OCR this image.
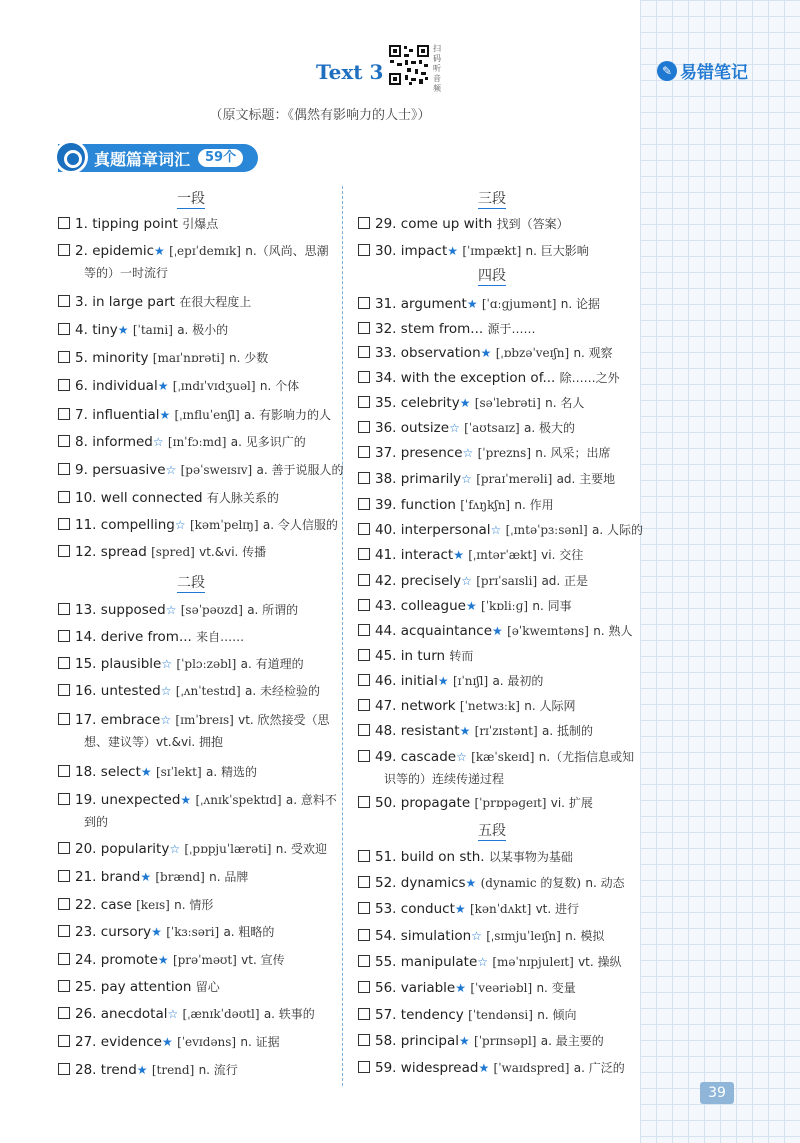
✎ 易错笔记
Text 3
扫码听音频
（原文标题：《偶然有影响力的人士》）
真题篇章词汇	59个
一段
二段
三段
四段
五段
1. tipping point 引爆点
2. epidemic★ [ˌepɪˈdemɪk] n.（风尚、思潮
等的）一时流行
3. in large part 在很大程度上
4. tiny★ [ˈtaɪni] a. 极小的
5. minority [maɪˈnɒrəti] n. 少数
6. individual★ [ˌɪndɪˈvɪdʒuəl] n. 个体
7. influential★ [ˌɪnfluˈenʃl] a. 有影响力的人
8. informed☆ [ɪnˈfɔːmd] a. 见多识广的
9. persuasive☆ [pəˈsweɪsɪv] a. 善于说服人的
10. well connected 有人脉关系的
11. compelling☆ [kəmˈpelɪŋ] a. 令人信服的
12. spread [spred] vt.&vi. 传播
13. supposed☆ [səˈpəʊzd] a. 所谓的
14. derive from... 来自……
15. plausible☆ [ˈplɔːzəbl] a. 有道理的
16. untested☆ [ˌʌnˈtestɪd] a. 未经检验的
17. embrace☆ [ɪmˈbreɪs] vt. 欣然接受（思
想、建议等）vt.&vi. 拥抱
18. select★ [sɪˈlekt] a. 精选的
19. unexpected★ [ˌʌnɪkˈspektɪd] a. 意料不
到的
20. popularity☆ [ˌpɒpjuˈlærəti] n. 受欢迎
21. brand★ [brænd] n. 品牌
22. case [keɪs] n. 情形
23. cursory★ [ˈkɜːsəri] a. 粗略的
24. promote★ [prəˈməʊt] vt. 宣传
25. pay attention 留心
26. anecdotal☆ [ˌænɪkˈdəʊtl] a. 轶事的
27. evidence★ [ˈevɪdəns] n. 证据
28. trend★ [trend] n. 流行
29. come up with 找到（答案）
30. impact★ [ˈɪmpækt] n. 巨大影响
31. argument★ [ˈɑːɡjumənt] n. 论据
32. stem from... 源于……
33. observation★ [ˌɒbzəˈveɪʃn] n. 观察
34. with the exception of... 除……之外
35. celebrity★ [səˈlebrəti] n. 名人
36. outsize☆ [ˈaʊtsaɪz] a. 极大的
37. presence☆ [ˈprezns] n. 风采；出席
38. primarily☆ [praɪˈmerəli] ad. 主要地
39. function [ˈfʌŋkʃn] n. 作用
40. interpersonal☆ [ˌɪntəˈpɜːsənl] a. 人际的
41. interact★ [ˌɪntərˈækt] vi. 交往
42. precisely☆ [prɪˈsaɪsli] ad. 正是
43. colleague★ [ˈkɒliːɡ] n. 同事
44. acquaintance★ [əˈkweɪntəns] n. 熟人
45. in turn 转而
46. initial★ [ɪˈnɪʃl] a. 最初的
47. network [ˈnetwɜːk] n. 人际网
48. resistant★ [rɪˈzɪstənt] a. 抵制的
49. cascade☆ [kæˈskeɪd] n.（尤指信息或知
识等的）连续传递过程
50. propagate [ˈprɒpəɡeɪt] vi. 扩展
51. build on sth. 以某事物为基础
52. dynamics★ (dynamic 的复数) n. 动态
53. conduct★ [kənˈdʌkt] vt. 进行
54. simulation☆ [ˌsɪmjuˈleɪʃn] n. 模拟
55. manipulate☆ [məˈnɪpjuleɪt] vt. 操纵
56. variable★ [ˈveəriəbl] n. 变量
57. tendency [ˈtendənsi] n. 倾向
58. principal★ [ˈprɪnsəpl] a. 最主要的
59. widespread★ [ˈwaɪdspred] a. 广泛的
39
